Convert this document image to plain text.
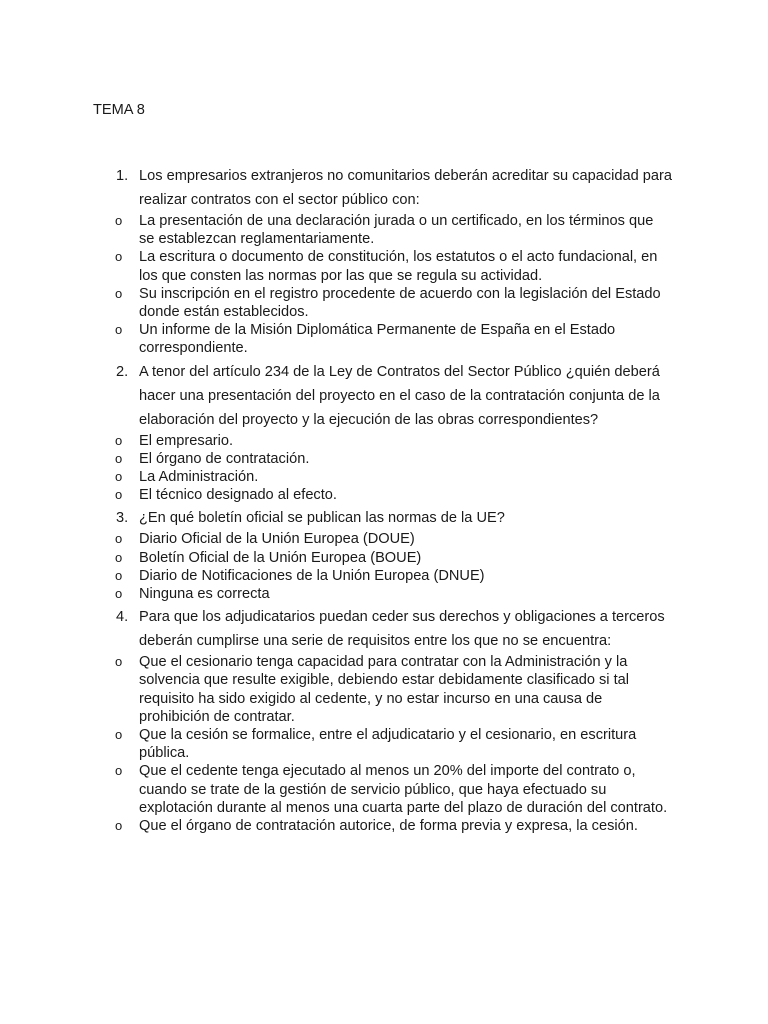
TEMA 8
1. Los empresarios extranjeros no comunitarios deberán acreditar su capacidad para realizar contratos con el sector público con:
o La presentación de una declaración jurada o un certificado, en los términos que se establezcan reglamentariamente.
o La escritura o documento de constitución, los estatutos o el acto fundacional, en los que consten las normas por las que se regula su actividad.
o Su inscripción en el registro procedente de acuerdo con la legislación del Estado donde están establecidos.
o Un informe de la Misión Diplomática Permanente de España en el Estado correspondiente.
2. A tenor del artículo 234 de la Ley de Contratos del Sector Público ¿quién deberá hacer una presentación del proyecto en el caso de la contratación conjunta de la elaboración del proyecto y la ejecución de las obras correspondientes?
o El empresario.
o El órgano de contratación.
o La Administración.
o El técnico designado al efecto.
3. ¿En qué boletín oficial se publican las normas de la UE?
o Diario Oficial de la Unión Europea (DOUE)
o Boletín Oficial de la Unión Europea (BOUE)
o Diario de Notificaciones de la Unión Europea (DNUE)
o Ninguna es correcta
4. Para que los adjudicatarios puedan ceder sus derechos y obligaciones a terceros deberán cumplirse una serie de requisitos entre los que no se encuentra:
o Que el cesionario tenga capacidad para contratar con la Administración y la solvencia que resulte exigible, debiendo estar debidamente clasificado si tal requisito ha sido exigido al cedente, y no estar incurso en una causa de prohibición de contratar.
o Que la cesión se formalice, entre el adjudicatario y el cesionario, en escritura pública.
o Que el cedente tenga ejecutado al menos un 20% del importe del contrato o, cuando se trate de la gestión de servicio público, que haya efectuado su explotación durante al menos una cuarta parte del plazo de duración del contrato.
o Que el órgano de contratación autorice, de forma previa y expresa, la cesión.
